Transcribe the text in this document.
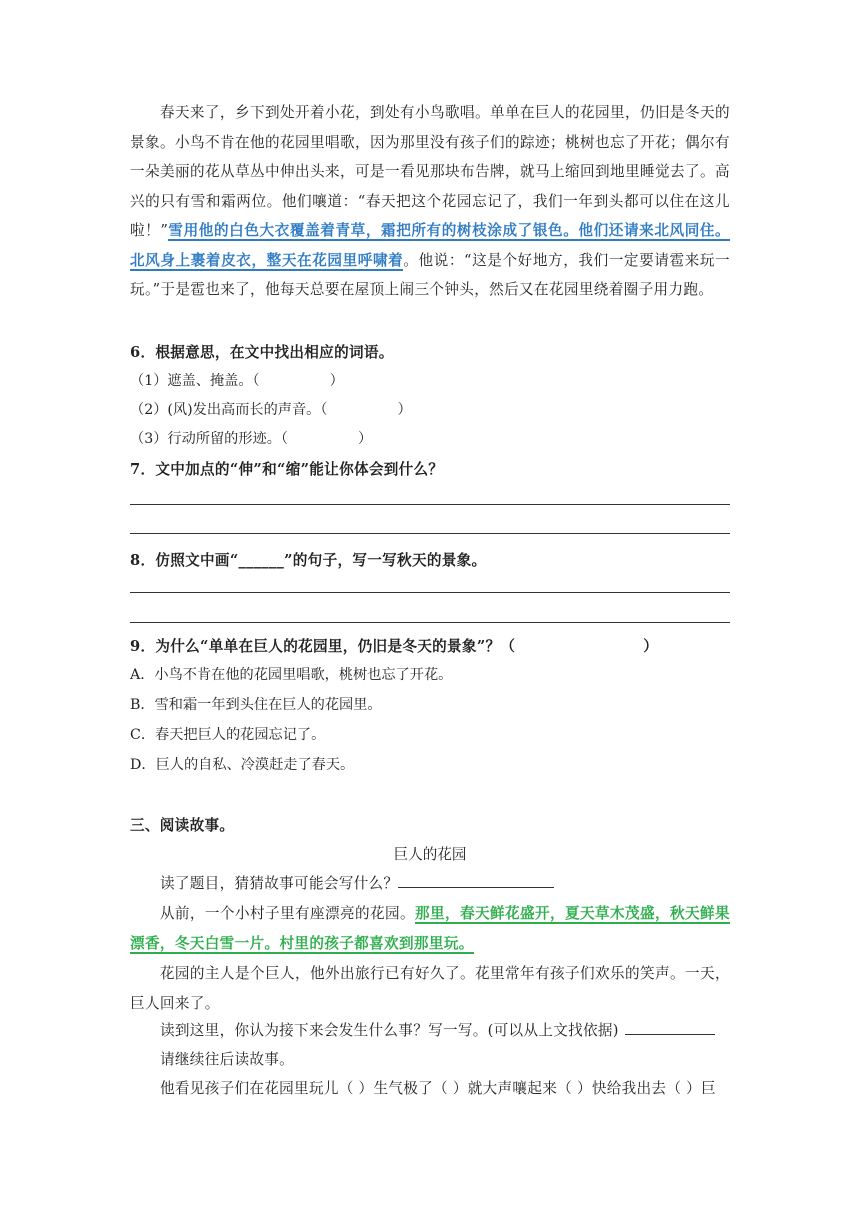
春天来了，乡下到处开着小花，到处有小鸟歌唱。单单在巨人的花园里，仍旧是冬天的景象。小鸟不肯在他的花园里唱歌，因为那里没有孩子们的踪迹；桃树也忘了开花；偶尔有一朵美丽的花从草丛中伸出头来，可是一看见那块布告牌，就马上缩回到地里睡觉去了。高兴的只有雪和霜两位。他们嚷道：“春天把这个花园忘记了，我们一年到头都可以住在这儿啦！”雪用他的白色大衣覆盖着青草，霜把所有的树枝涂成了银色。他们还请来北风同住。北风身上裹着皮衣，整天在花园里呼啸着。他说：“这是个好地方，我们一定要请雹来玩一玩。”于是雹也来了，他每天总要在屋顶上闹三个钟头，然后又在花园里绕着圈子用力跑。

6．根据意思，在文中找出相应的词语。
（1）遮盖、掩盖。（	）
（2）(风)发出高而长的声音。（	）
（3）行动所留的形迹。（	）
7．文中加点的“伸”和“缩”能让你体会到什么？
8．仿照文中画“______”的句子，写一写秋天的景象。
9．为什么“单单在巨人的花园里，仍旧是冬天的景象”？（	）
A．小鸟不肯在他的花园里唱歌，桃树也忘了开花。
B．雪和霜一年到头住在巨人的花园里。
C．春天把巨人的花园忘记了。
D．巨人的自私、冷漠赶走了春天。
三、阅读故事。
巨人的花园
读了题目，猜猜故事可能会写什么？

从前，一个小村子里有座漂亮的花园。那里，春天鲜花盛开，夏天草木茂盛，秋天鲜果漂香，冬天白雪一片。村里的孩子都喜欢到那里玩。

花园的主人是个巨人，他外出旅行已有好久了。花里常年有孩子们欢乐的笑声。一天，巨人回来了。

读到这里，你认为接下来会发生什么事？写一写。(可以从上文找依据)
请继续往后读故事。
他看见孩子们在花园里玩儿（ ）生气极了（ ）就大声嚷起来（ ）快给我出去（ ）巨
